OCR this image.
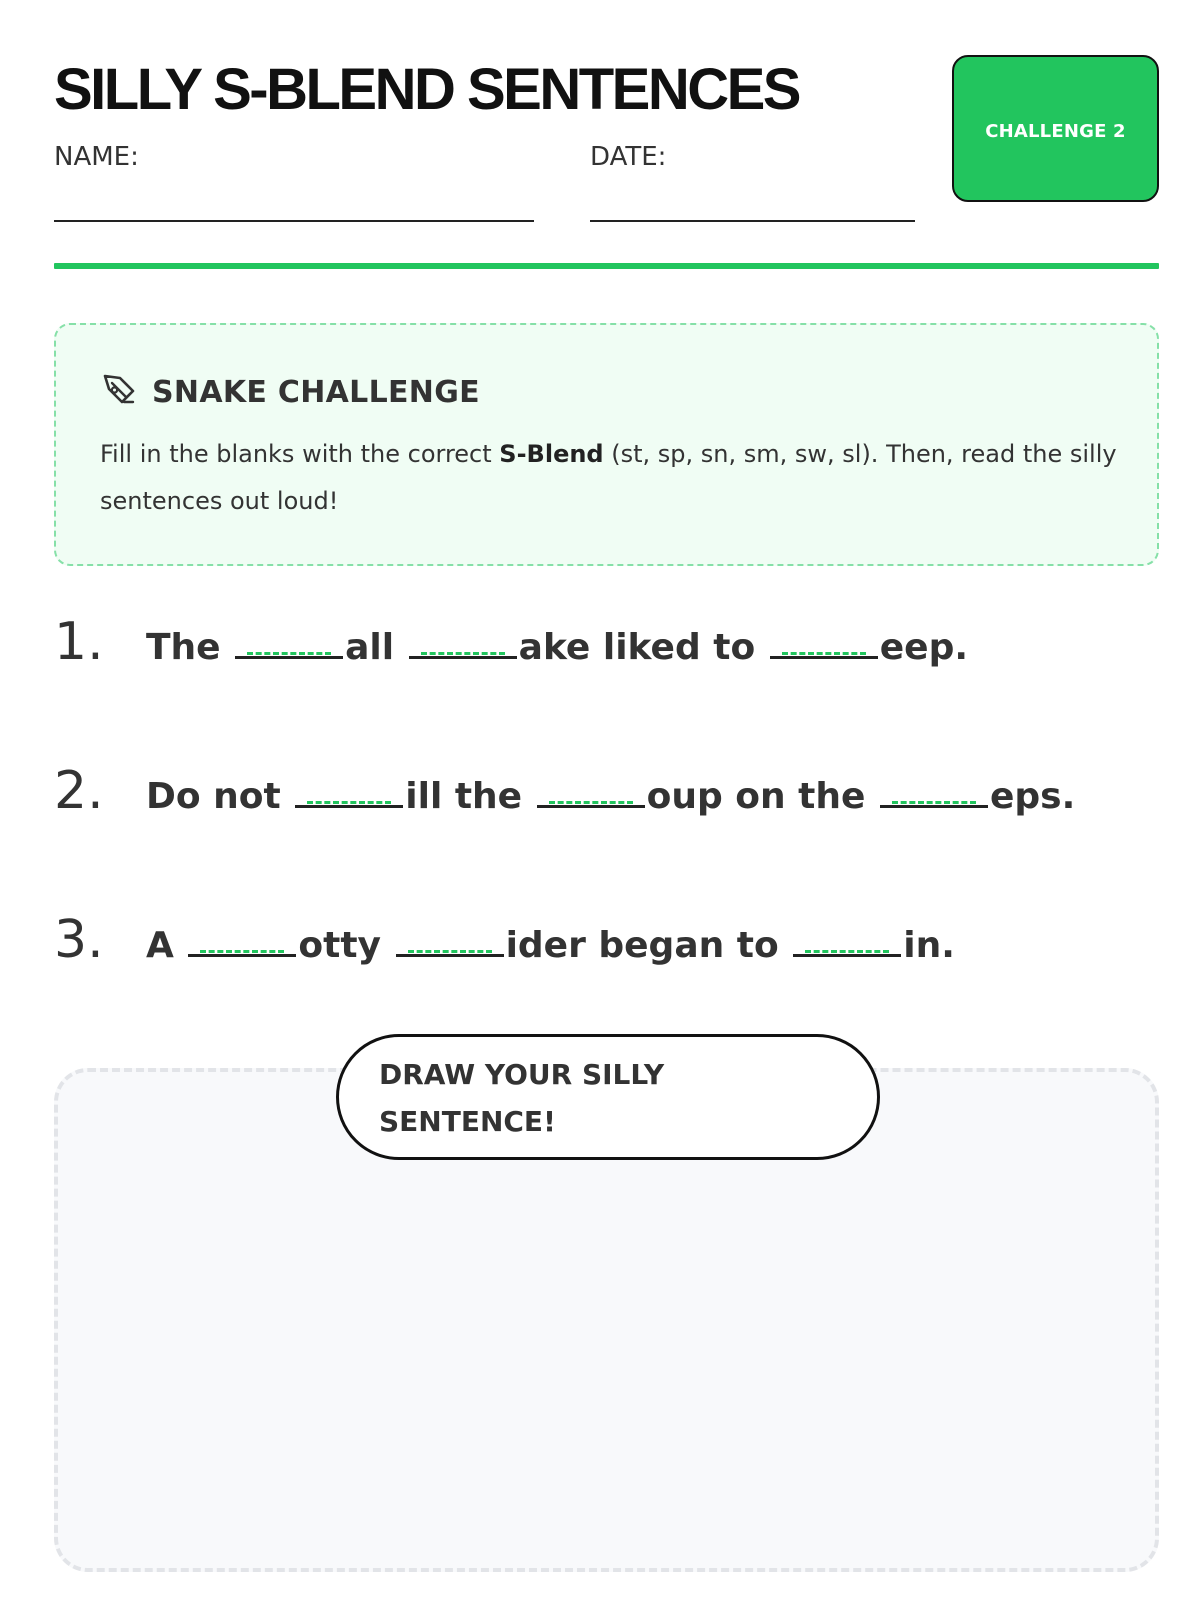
SILLY S-BLEND SENTENCES
NAME:	DATE:
CHALLENGE 2
SNAKE CHALLENGE
Fill in the blanks with the correct S-Blend (st, sp, sn, sm, sw, sl). Then, read the silly sentences out loud!
1.	The	all	ake liked to	eep.
2.	Do not	ill the	oup on the	eps.
3.	A	otty	ider began to	in.
DRAW YOUR SILLY SENTENCE!
